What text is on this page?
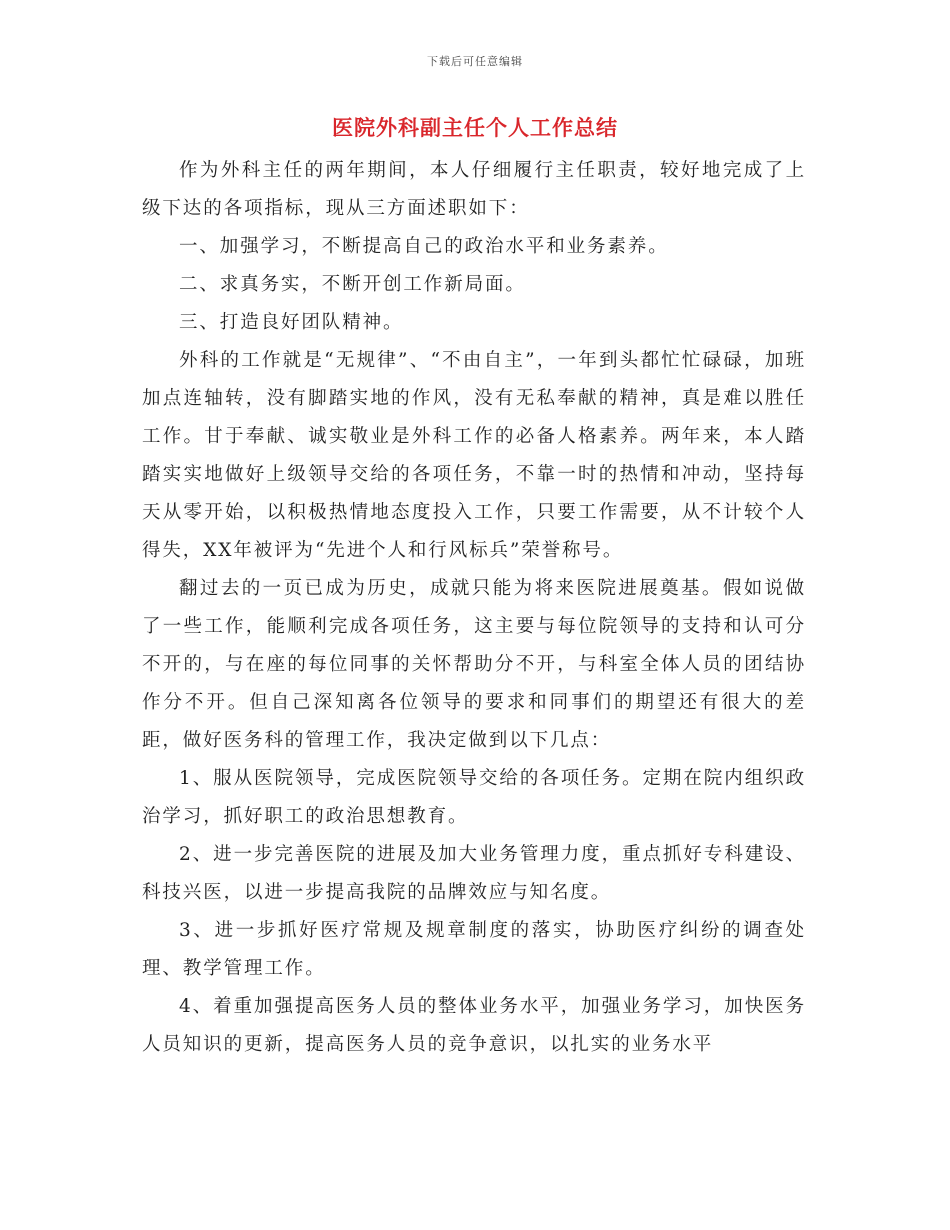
下载后可任意编辑
医院外科副主任个人工作总结

作为外科主任的两年期间，本人仔细履行主任职责，较好地完成了上级下达的各项指标，现从三方面述职如下：

一、加强学习，不断提高自己的政治水平和业务素养。

二、求真务实，不断开创工作新局面。

三、打造良好团队精神。

外科的工作就是“无规律”、“不由自主”，一年到头都忙忙碌碌，加班加点连轴转，没有脚踏实地的作风，没有无私奉献的精神，真是难以胜任工作。甘于奉献、诚实敬业是外科工作的必备人格素养。两年来，本人踏踏实实地做好上级领导交给的各项任务，不靠一时的热情和冲动，坚持每天从零开始，以积极热情地态度投入工作，只要工作需要，从不计较个人得失，XX年被评为“先进个人和行风标兵”荣誉称号。

翻过去的一页已成为历史，成就只能为将来医院进展奠基。假如说做了一些工作，能顺利完成各项任务，这主要与每位院领导的支持和认可分不开的，与在座的每位同事的关怀帮助分不开，与科室全体人员的团结协作分不开。但自己深知离各位领导的要求和同事们的期望还有很大的差距，做好医务科的管理工作，我决定做到以下几点：

1、服从医院领导，完成医院领导交给的各项任务。定期在院内组织政治学习，抓好职工的政治思想教育。

2、进一步完善医院的进展及加大业务管理力度，重点抓好专科建设、科技兴医，以进一步提高我院的品牌效应与知名度。

3、进一步抓好医疗常规及规章制度的落实，协助医疗纠纷的调查处理、教学管理工作。

4、着重加强提高医务人员的整体业务水平，加强业务学习，加快医务人员知识的更新，提高医务人员的竞争意识，以扎实的业务水平
